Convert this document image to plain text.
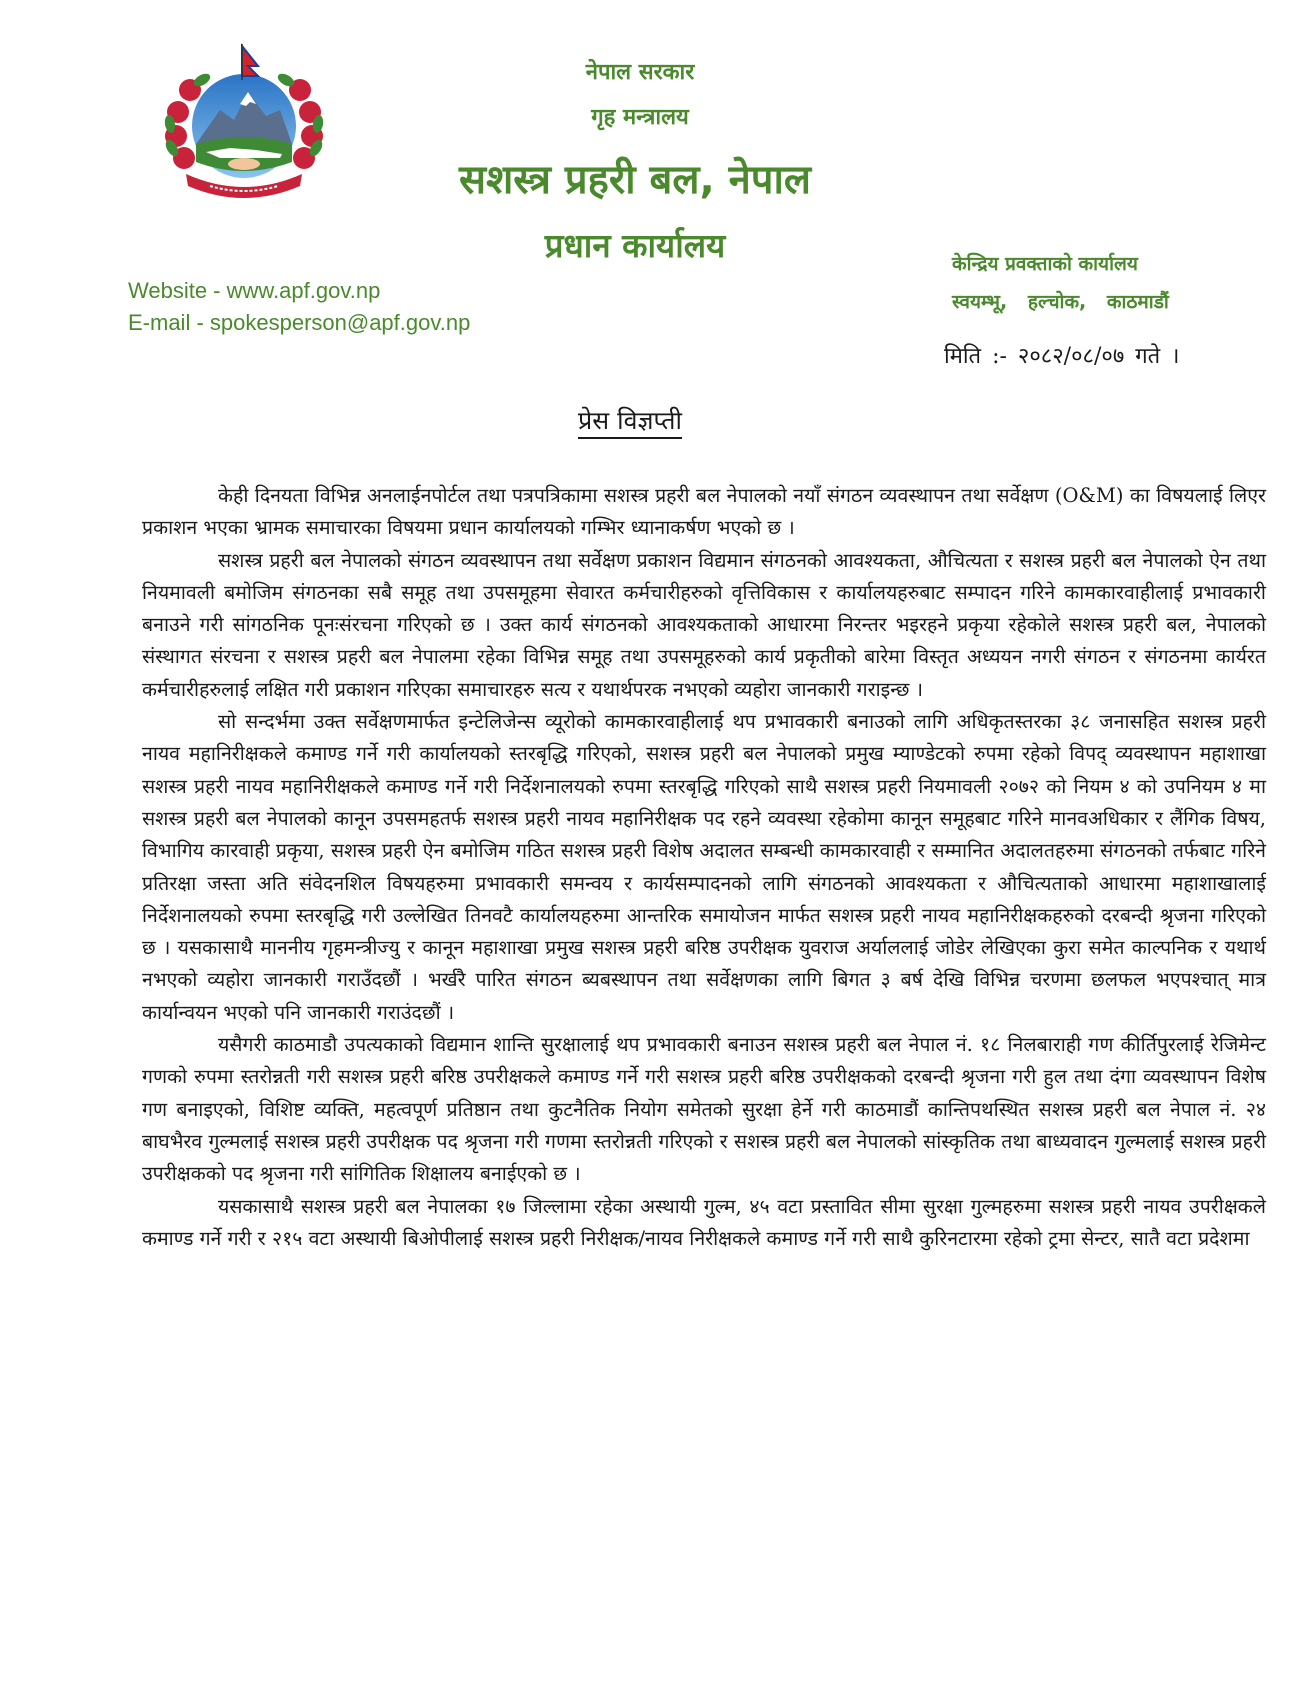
नेपाल सरकार
गृह मन्त्रालय
सशस्त्र प्रहरी बल, नेपाल
प्रधान कार्यालय	केन्द्रिय प्रवक्ताको कार्यालय
स्वयम्भू, हल्चोक, काठमाडौं
Website - www.apf.gov.np
E-mail - spokesperson@apf.gov.np
मिति :- २०८२/०८/०७ गते ।
प्रेस विज्ञप्ती

केही दिनयता विभिन्न अनलाईनपोर्टल तथा पत्रपत्रिकामा सशस्त्र प्रहरी बल नेपालको नयाँ संगठन व्यवस्थापन तथा सर्वेक्षण (O&M) का विषयलाई लिएर प्रकाशन भएका भ्रामक समाचारका विषयमा प्रधान कार्यालयको गम्भिर ध्यानाकर्षण भएको छ ।

सशस्त्र प्रहरी बल नेपालको संगठन व्यवस्थापन तथा सर्वेक्षण प्रकाशन विद्यमान संगठनको आवश्यकता, औचित्यता र सशस्त्र प्रहरी बल नेपालको ऐन तथा नियमावली बमोजिम संगठनका सबै समूह तथा उपसमूहमा सेवारत कर्मचारीहरुको वृत्तिविकास र कार्यालयहरुबाट सम्पादन गरिने कामकारवाहीलाई प्रभावकारी बनाउने गरी सांगठनिक पूनःसंरचना गरिएको छ । उक्त कार्य संगठनको आवश्यकताको आधारमा निरन्तर भइरहने प्रकृया रहेकोले सशस्त्र प्रहरी बल, नेपालको संस्थागत संरचना र सशस्त्र प्रहरी बल नेपालमा रहेका विभिन्न समूह तथा उपसमूहरुको कार्य प्रकृतीको बारेमा विस्तृत अध्ययन नगरी संगठन र संगठनमा कार्यरत कर्मचारीहरुलाई लक्षित गरी प्रकाशन गरिएका समाचारहरु सत्य र यथार्थपरक नभएको व्यहोरा जानकारी गराइन्छ ।

सो सन्दर्भमा उक्त सर्वेक्षणमार्फत इन्टेलिजेन्स व्यूरोको कामकारवाहीलाई थप प्रभावकारी बनाउको लागि अधिकृतस्तरका ३८ जनासहित सशस्त्र प्रहरी नायव महानिरीक्षकले कमाण्ड गर्ने गरी कार्यालयको स्तरबृद्धि गरिएको, सशस्त्र प्रहरी बल नेपालको प्रमुख म्याण्डेटको रुपमा रहेको विपद् व्यवस्थापन महाशाखा सशस्त्र प्रहरी नायव महानिरीक्षकले कमाण्ड गर्ने गरी निर्देशनालयको रुपमा स्तरबृद्धि गरिएको साथै सशस्त्र प्रहरी नियमावली २०७२ को नियम ४ को उपनियम ४ मा सशस्त्र प्रहरी बल नेपालको कानून उपसमहतर्फ सशस्त्र प्रहरी नायव महानिरीक्षक पद रहने व्यवस्था रहेकोमा कानून समूहबाट गरिने मानवअधिकार र लैंगिक विषय, विभागिय कारवाही प्रकृया, सशस्त्र प्रहरी ऐन बमोजिम गठित सशस्त्र प्रहरी विशेष अदालत सम्बन्धी कामकारवाही र सम्मानित अदालतहरुमा संगठनको तर्फबाट गरिने प्रतिरक्षा जस्ता अति संवेदनशिल विषयहरुमा प्रभावकारी समन्वय र कार्यसम्पादनको लागि संगठनको आवश्यकता र औचित्यताको आधारमा महाशाखालाई निर्देशनालयको रुपमा स्तरबृद्धि गरी उल्लेखित तिनवटै कार्यालयहरुमा आन्तरिक समायोजन मार्फत सशस्त्र प्रहरी नायव महानिरीक्षकहरुको दरबन्दी श्रृजना गरिएको छ । यसकासाथै माननीय गृहमन्त्रीज्यु र कानून महाशाखा प्रमुख सशस्त्र प्रहरी बरिष्ठ उपरीक्षक युवराज अर्याललाई जोडेर लेखिएका कुरा समेत काल्पनिक र यथार्थ नभएको व्यहोरा जानकारी गराउँदछौं । भर्खरै पारित संगठन ब्यबस्थापन तथा सर्वेक्षणका लागि बिगत ३ बर्ष देखि विभिन्न चरणमा छलफल भएपश्चात् मात्र कार्यान्वयन भएको पनि जानकारी गराउंदछौं ।

यसैगरी काठमाडौ उपत्यकाको विद्यमान शान्ति सुरक्षालाई थप प्रभावकारी बनाउन सशस्त्र प्रहरी बल नेपाल नं. १८ निलबाराही गण कीर्तिपुरलाई रेजिमेन्ट गणको रुपमा स्तरोन्नती गरी सशस्त्र प्रहरी बरिष्ठ उपरीक्षकले कमाण्ड गर्ने गरी सशस्त्र प्रहरी बरिष्ठ उपरीक्षकको दरबन्दी श्रृजना गरी हुल तथा दंगा व्यवस्थापन विशेष गण बनाइएको, विशिष्ट व्यक्ति, महत्वपूर्ण प्रतिष्ठान तथा कुटनैतिक नियोग समेतको सुरक्षा हेर्ने गरी काठमाडौं कान्तिपथस्थित सशस्त्र प्रहरी बल नेपाल नं. २४ बाघभैरव गुल्मलाई सशस्त्र प्रहरी उपरीक्षक पद श्रृजना गरी गणमा स्तरोन्नती गरिएको र सशस्त्र प्रहरी बल नेपालको सांस्कृतिक तथा बाध्यवादन गुल्मलाई सशस्त्र प्रहरी उपरीक्षकको पद श्रृजना गरी सांगितिक शिक्षालय बनाईएको छ ।

यसकासाथै सशस्त्र प्रहरी बल नेपालका १७ जिल्लामा रहेका अस्थायी गुल्म, ४५ वटा प्रस्तावित सीमा सुरक्षा गुल्महरुमा सशस्त्र प्रहरी नायव उपरीक्षकले कमाण्ड गर्ने गरी र २१५ वटा अस्थायी बिओपीलाई सशस्त्र प्रहरी निरीक्षक/नायव निरीक्षकले कमाण्ड गर्ने गरी साथै कुरिनटारमा रहेको ट्रमा सेन्टर, सातै वटा प्रदेशमा
